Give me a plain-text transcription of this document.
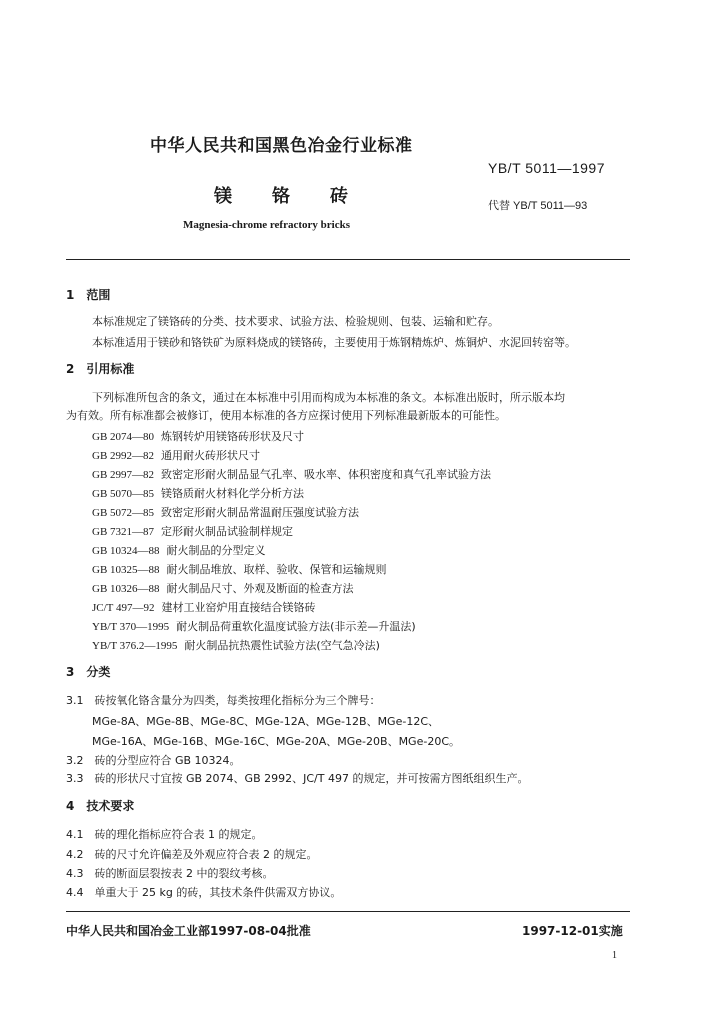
中华人民共和国黑色冶金行业标准
YB/T 5011—1997
镁铬砖	代替 YB/T 5011—93
Magnesia-chrome refractory bricks
1　范围
本标准规定了镁铬砖的分类、技术要求、试验方法、检验规则、包装、运输和贮存。
本标准适用于镁砂和铬铁矿为原料烧成的镁铬砖，主要使用于炼钢精炼炉、炼铜炉、水泥回转窑等。
2　引用标准
下列标准所包含的条文，通过在本标准中引用而构成为本标准的条文。本标准出版时，所示版本均
为有效。所有标准都会被修订，使用本标准的各方应探讨使用下列标准最新版本的可能性。
GB 2074—80 炼钢转炉用镁铬砖形状及尺寸
GB 2992—82 通用耐火砖形状尺寸
GB 2997—82 致密定形耐火制品显气孔率、吸水率、体积密度和真气孔率试验方法
GB 5070—85 镁铬质耐火材料化学分析方法
GB 5072—85 致密定形耐火制品常温耐压强度试验方法
GB 7321—87 定形耐火制品试验制样规定
GB 10324—88 耐火制品的分型定义
GB 10325—88 耐火制品堆放、取样、验收、保管和运输规则
GB 10326—88 耐火制品尺寸、外观及断面的检查方法
JC/T 497—92 建材工业窑炉用直接结合镁铬砖
YB/T 370—1995 耐火制品荷重软化温度试验方法(非示差—升温法)
YB/T 376.2—1995 耐火制品抗热震性试验方法(空气急冷法)
3　分类
3.1　砖按氧化铬含量分为四类，每类按理化指标分为三个牌号：
MGe-8A、MGe-8B、MGe-8C、MGe-12A、MGe-12B、MGe-12C、
MGe-16A、MGe-16B、MGe-16C、MGe-20A、MGe-20B、MGe-20C。
3.2　砖的分型应符合 GB 10324。
3.3　砖的形状尺寸宜按 GB 2074、GB 2992、JC/T 497 的规定，并可按需方图纸组织生产。
4　技术要求
4.1　砖的理化指标应符合表 1 的规定。
4.2　砖的尺寸允许偏差及外观应符合表 2 的规定。
4.3　砖的断面层裂按表 2 中的裂纹考核。
4.4　单重大于 25 kg 的砖，其技术条件供需双方协议。
中华人民共和国冶金工业部1997-08-04批准	1997-12-01实施
1
